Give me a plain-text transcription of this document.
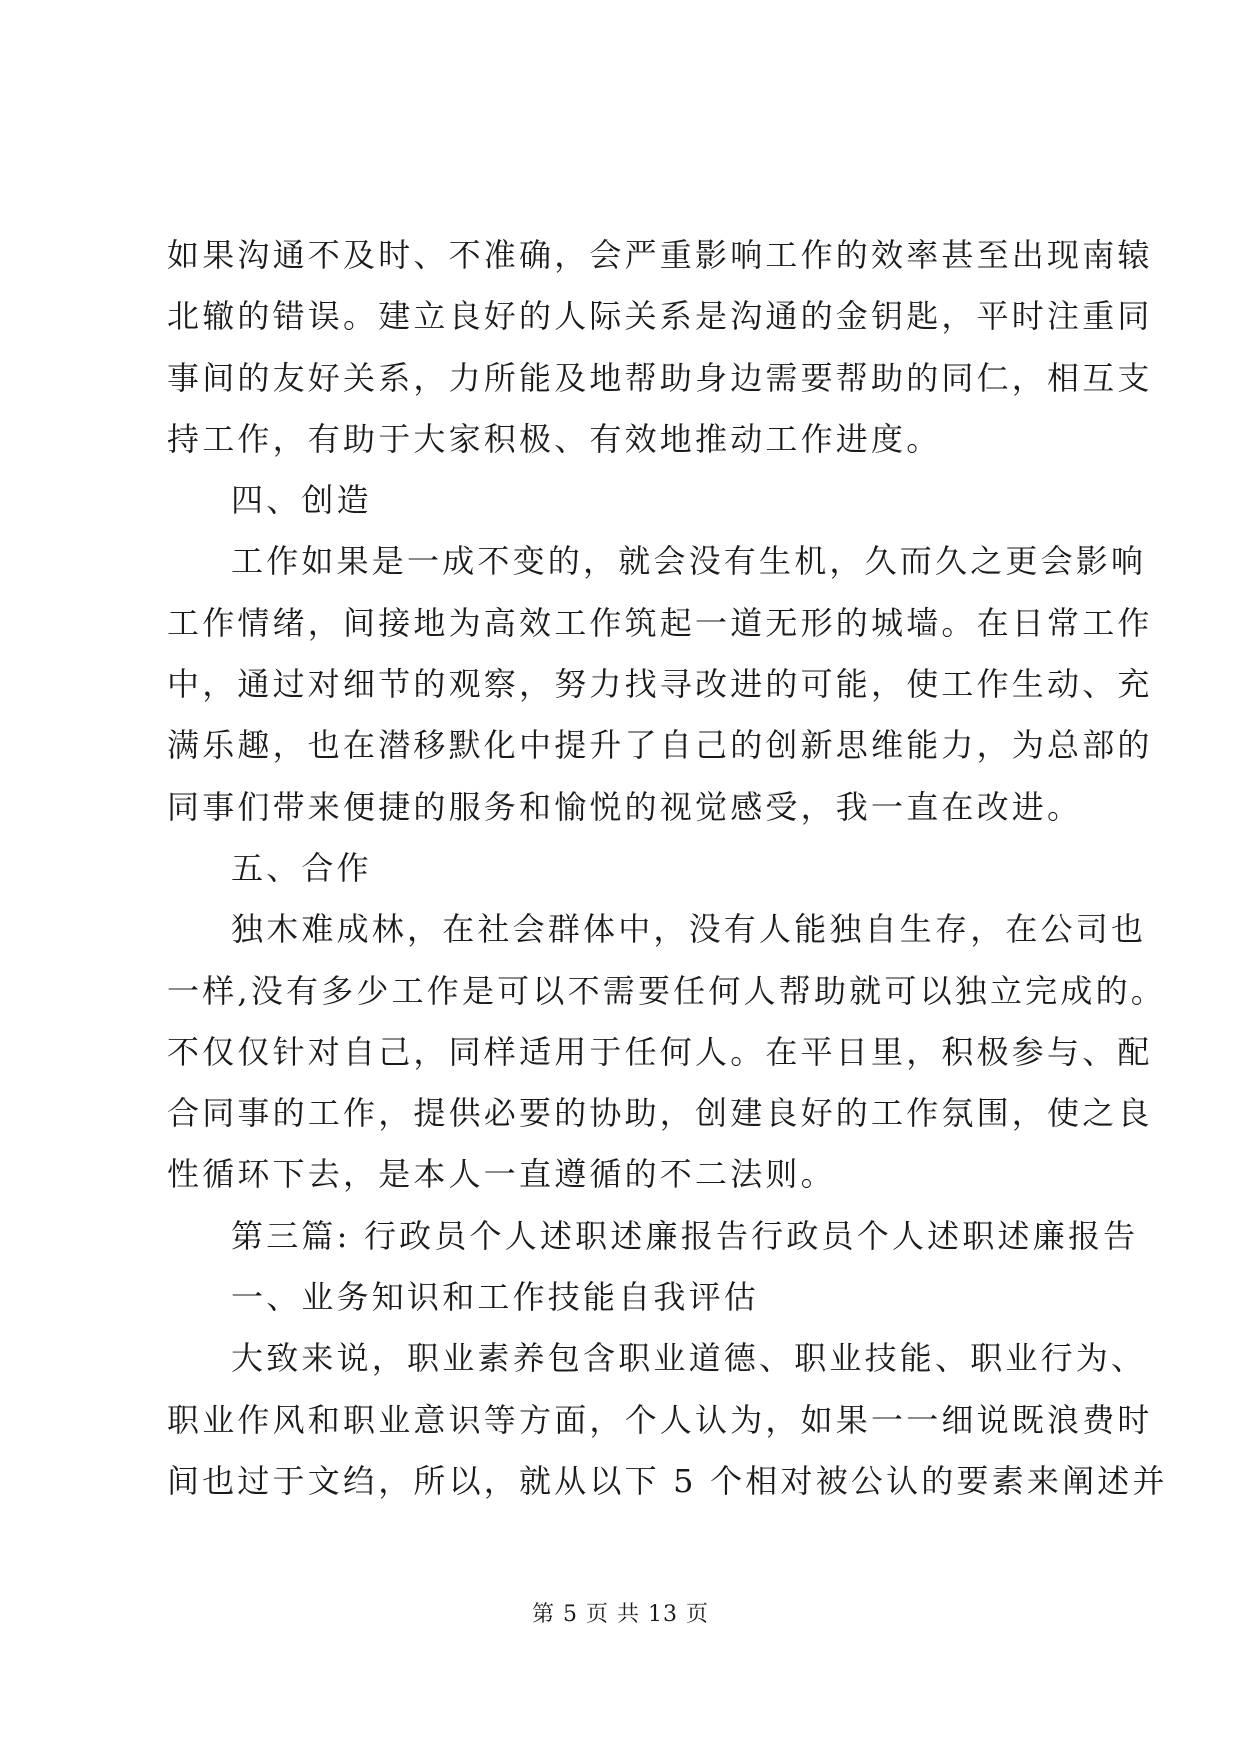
如果沟通不及时、不准确，会严重影响工作的效率甚至出现南辕
北辙的错误。建立良好的人际关系是沟通的金钥匙，平时注重同
事间的友好关系，力所能及地帮助身边需要帮助的同仁，相互支
持工作，有助于大家积极、有效地推动工作进度。
四、创造
工作如果是一成不变的，就会没有生机，久而久之更会影响
工作情绪，间接地为高效工作筑起一道无形的城墙。在日常工作
中，通过对细节的观察，努力找寻改进的可能，使工作生动、充
满乐趣，也在潜移默化中提升了自己的创新思维能力，为总部的
同事们带来便捷的服务和愉悦的视觉感受，我一直在改进。
五、合作
独木难成林，在社会群体中，没有人能独自生存，在公司也
一样,没有多少工作是可以不需要任何人帮助就可以独立完成的。
不仅仅针对自己，同样适用于任何人。在平日里，积极参与、配
合同事的工作，提供必要的协助，创建良好的工作氛围，使之良
性循环下去，是本人一直遵循的不二法则。
第三篇: 行政员个人述职述廉报告行政员个人述职述廉报告
一、业务知识和工作技能自我评估
大致来说，职业素养包含职业道德、职业技能、职业行为、
职业作风和职业意识等方面，个人认为，如果一一细说既浪费时
间也过于文绉，所以，就从以下 5 个相对被公认的要素来阐述并
第 5 页 共 13 页
